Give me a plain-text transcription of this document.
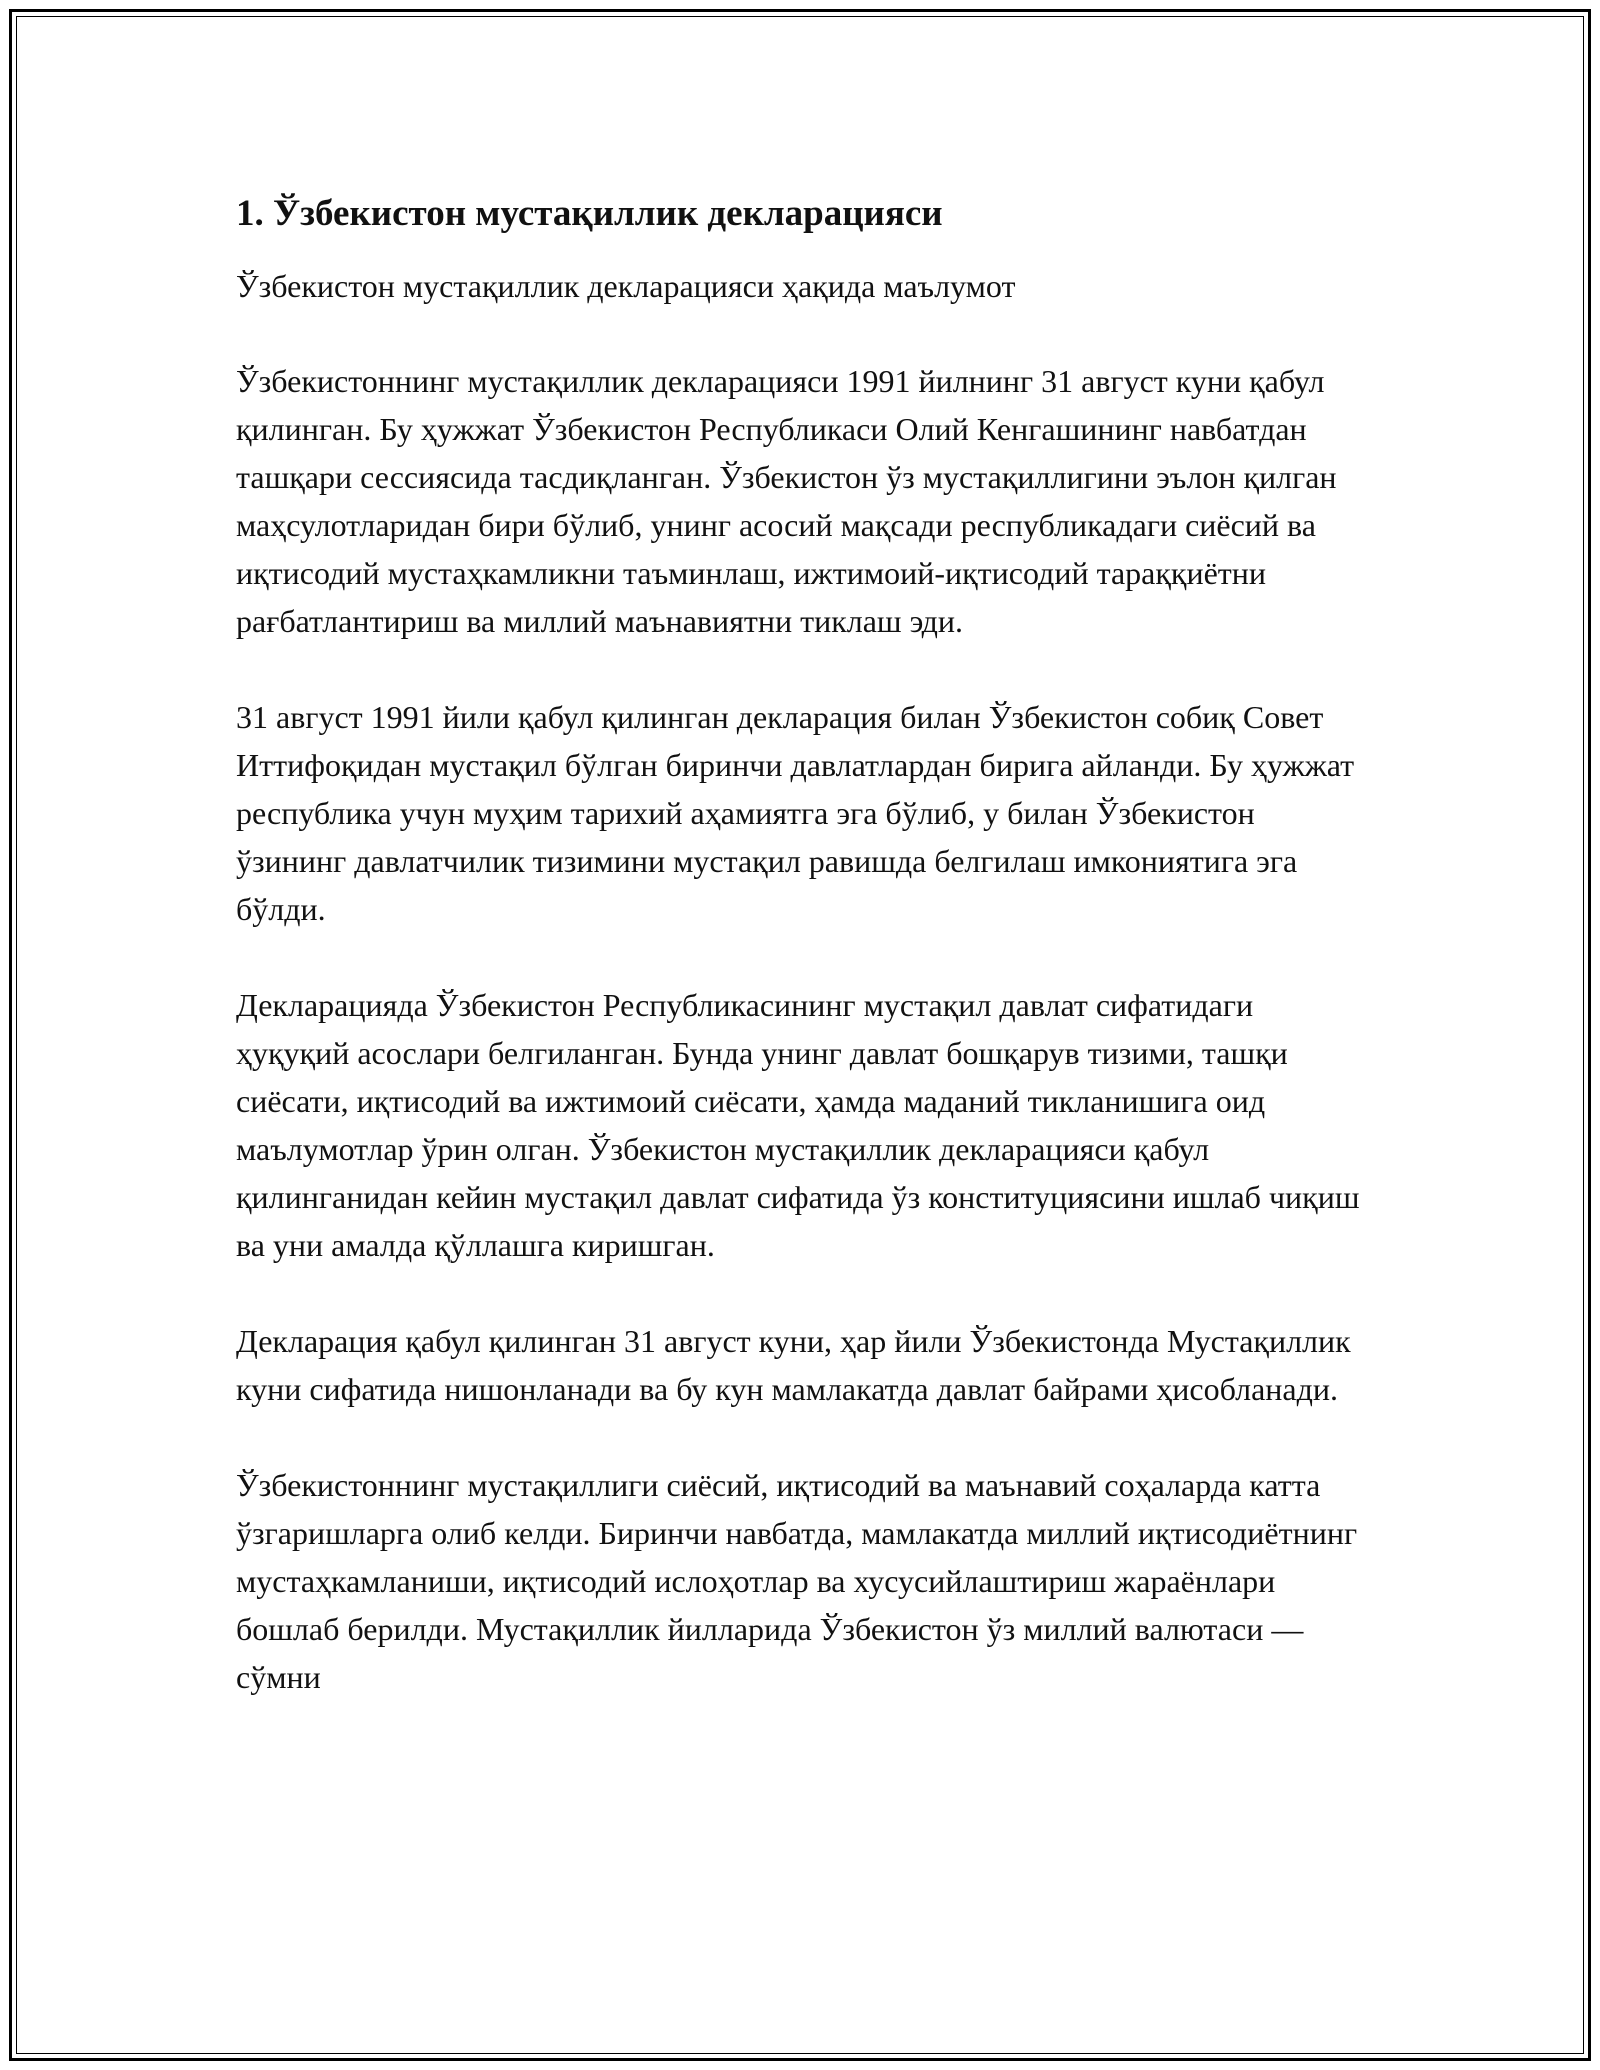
1. Ўзбекистон мустақиллик декларацияси

Ўзбекистон мустақиллик декларацияси ҳақида маълумот

Ўзбекистоннинг мустақиллик декларацияси 1991 йилнинг 31 август куни қабул қилинган. Бу ҳужжат Ўзбекистон Республикаси Олий Кенгашининг навбатдан ташқари сессиясида тасдиқланган. Ўзбекистон ўз мустақиллигини эълон қилган маҳсулотларидан бири бўлиб, унинг асосий мақсади республикадаги сиёсий ва иқтисодий мустаҳкамликни таъминлаш, ижтимоий-иқтисодий тараққиётни рағбатлантириш ва миллий маънавиятни тиклаш эди.

31 август 1991 йили қабул қилинган декларация билан Ўзбекистон собиқ Совет Иттифоқидан мустақил бўлган биринчи давлатлардан бирига айланди. Бу ҳужжат республика учун муҳим тарихий аҳамиятга эга бўлиб, у билан Ўзбекистон ўзининг давлатчилик тизимини мустақил равишда белгилаш имкониятига эга бўлди.

Декларацияда Ўзбекистон Республикасининг мустақил давлат сифатидаги ҳуқуқий асослари белгиланган. Бунда унинг давлат бошқарув тизими, ташқи сиёсати, иқтисодий ва ижтимоий сиёсати, ҳамда маданий тикланишига оид маълумотлар ўрин олган. Ўзбекистон мустақиллик декларацияси қабул қилинганидан кейин мустақил давлат сифатида ўз конституциясини ишлаб чиқиш ва уни амалда қўллашга киришган.

Декларация қабул қилинган 31 август куни, ҳар йили Ўзбекистонда Мустақиллик куни сифатида нишонланади ва бу кун мамлакатда давлат байрами ҳисобланади.

Ўзбекистоннинг мустақиллиги сиёсий, иқтисодий ва маънавий соҳаларда катта ўзгаришларга олиб келди. Биринчи навбатда, мамлакатда миллий иқтисодиётнинг мустаҳкамланиши, иқтисодий ислоҳотлар ва хусусийлаштириш жараёнлари бошлаб берилди. Мустақиллик йилларида Ўзбекистон ўз миллий валютаси — сўмни
